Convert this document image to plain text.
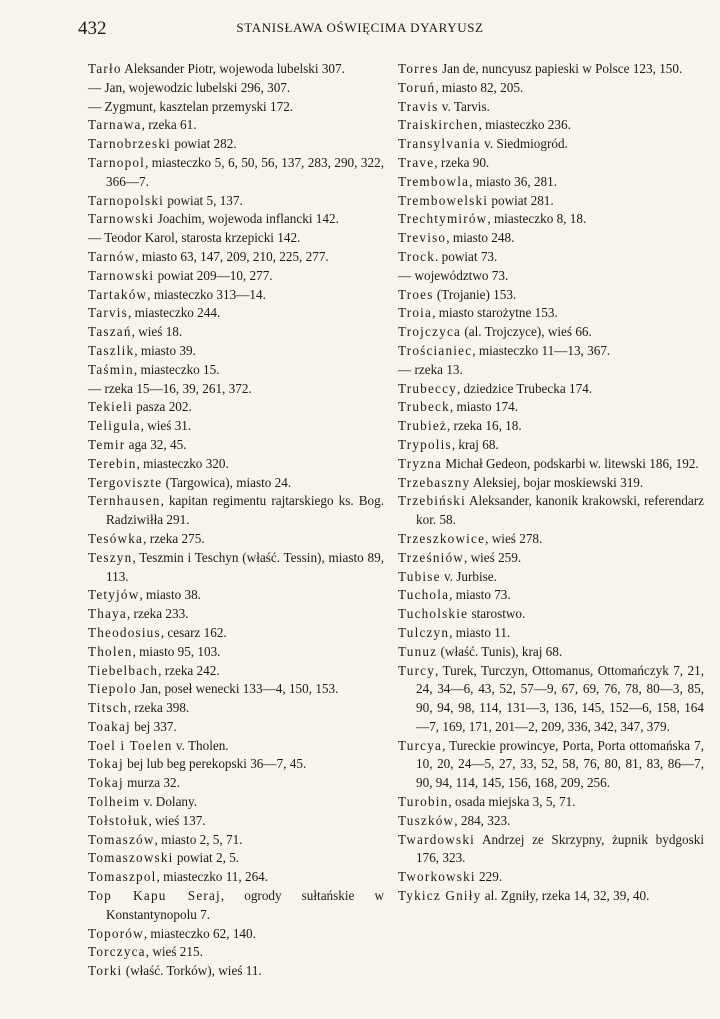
432	STANISŁAWA OŚWIĘCIMA DYARYUSZ
Tarło Aleksander Piotr, wojewoda lubelski 307.
— Jan, wojewodzic lubelski 296, 307.
— Zygmunt, kasztelan przemyski 172.
Tarnawa, rzeka 61.
Tarnobrzeski powiat 282.
Tarnopol, miasteczko 5, 6, 50, 56, 137, 283, 290, 322, 366—7.
Tarnopolski powiat 5, 137.
Tarnowski Joachim, wojewoda inflancki 142.
— Teodor Karol, starosta krzepicki 142.
Tarnów, miasto 63, 147, 209, 210, 225, 277.
Tarnowski powiat 209—10, 277.
Tartaków, miasteczko 313—14.
Tarvis, miasteczko 244.
Taszań, wieś 18.
Taszlik, miasto 39.
Taśmin, miasteczko 15.
— rzeka 15—16, 39, 261, 372.
Tekieli pasza 202.
Teligula, wieś 31.
Temir aga 32, 45.
Terebin, miasteczko 320.
Tergoviszte (Targowica), miasto 24.
Ternhausen, kapitan regimentu rajtarskiego ks. Bog. Radziwiłła 291.
Tesówka, rzeka 275.
Teszyn, Teszmin i Teschyn (właść. Tessin), miasto 89, 113.
Tetyjów, miasto 38.
Thaya, rzeka 233.
Theodosius, cesarz 162.
Tholen, miasto 95, 103.
Tiebelbach, rzeka 242.
Tiepolo Jan, poseł wenecki 133—4, 150, 153.
Titsch, rzeka 398.
Toakaj bej 337.
Toel i Toelen v. Tholen.
Tokaj bej lub beg perekopski 36—7, 45.
Tokaj murza 32.
Tolheim v. Dolany.
Tołstołuk, wieś 137.
Tomaszów, miasto 2, 5, 71.
Tomaszowski powiat 2, 5.
Tomaszpol, miasteczko 11, 264.
Top Kapu Seraj, ogrody sułtańskie w Konstantynopolu 7.
Toporów, miasteczko 62, 140.
Torczyca, wieś 215.
Torki (właść. Torków), wieś 11.
Torres Jan de, nuncyusz papieski w Polsce 123, 150.
Toruń, miasto 82, 205.
Travis v. Tarvis.
Traiskirchen, miasteczko 236.
Transylvania v. Siedmiogród.
Trave, rzeka 90.
Trembowla, miasto 36, 281.
Trembowelski powiat 281.
Trechtymirów, miasteczko 8, 18.
Treviso, miasto 248.
Trock. powiat 73.
— województwo 73.
Troes (Trojanie) 153.
Troia, miasto starożytne 153.
Trojczyca (al. Trojczyce), wieś 66.
Trościaniec, miasteczko 11—13, 367.
— rzeka 13.
Trubeccy, dziedzice Trubecka 174.
Trubeck, miasto 174.
Trubież, rzeka 16, 18.
Trypolis, kraj 68.
Tryzna Michał Gedeon, podskarbi w. litewski 186, 192.
Trzebaszny Aleksiej, bojar moskiewski 319.
Trzebiński Aleksander, kanonik krakowski, referendarz kor. 58.
Trzeszkowice, wieś 278.
Trześniów, wieś 259.
Tubise v. Jurbise.
Tuchola, miasto 73.
Tucholskie starostwo.
Tulczyn, miasto 11.
Tunuz (właść. Tunis), kraj 68.
Turcy, Turek, Turczyn, Ottomanus, Ottomańczyk 7, 21, 24, 34—6, 43, 52, 57—9, 67, 69, 76, 78, 80—3, 85, 90, 94, 98, 114, 131—3, 136, 145, 152—6, 158, 164—7, 169, 171, 201—2, 209, 336, 342, 347, 379.
Turcya, Tureckie prowincye, Porta, Porta ottomańska 7, 10, 20, 24—5, 27, 33, 52, 58, 76, 80, 81, 83, 86—7, 90, 94, 114, 145, 156, 168, 209, 256.
Turobin, osada miejska 3, 5, 71.
Tuszków, 284, 323.
Twardowski Andrzej ze Skrzypny, żupnik bydgoski 176, 323.
Tworkowski 229.
Tykicz Gniły al. Zgniły, rzeka 14, 32, 39, 40.
